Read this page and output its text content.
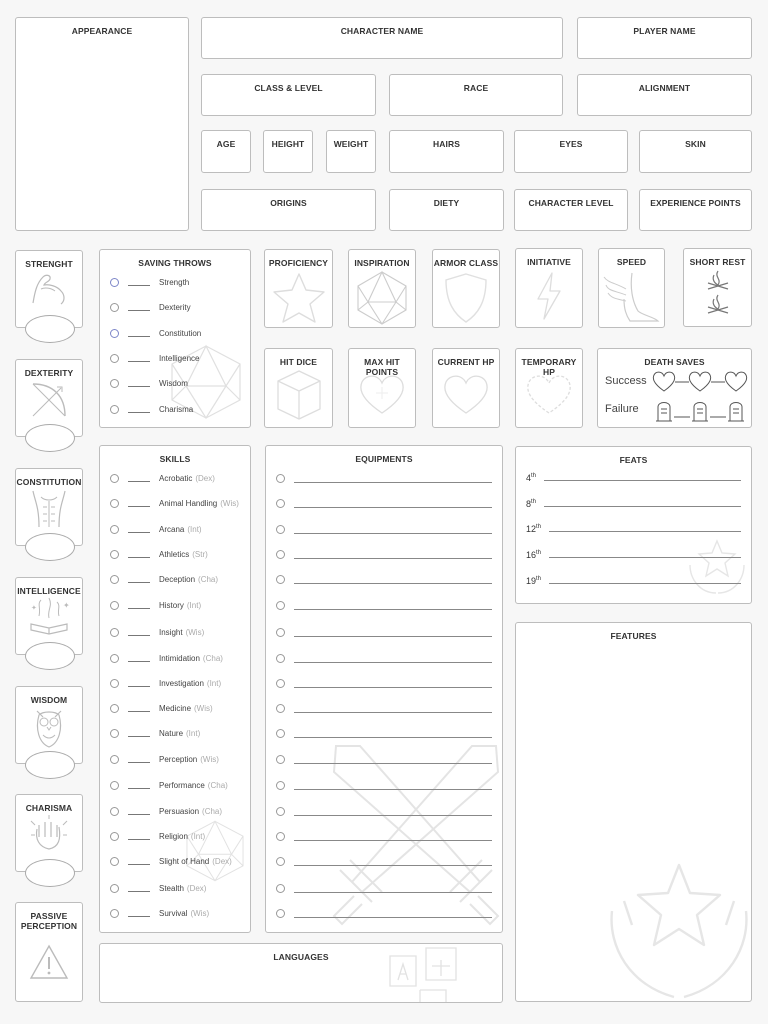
APPEARANCE	CHARACTER NAME	PLAYER NAME
CLASS & LEVEL	RACE	ALIGNMENT
AGE	HEIGHT	WEIGHT	HAIRS	EYES	SKIN
ORIGINS	DIETY	CHARACTER LEVEL	EXPERIENCE POINTS
STRENGHT
DEXTERITY
CONSTITUTION
INTELLIGENCE
✦
✦
WISDOM
CHARISMA
PASSIVE
PERCEPTION
SAVING THROWS
Strength
Dexterity
Constitution
Intelligence
Wisdom
Charisma
PROFICIENCY	INSPIRATION	ARMOR CLASS	INITIATIVE	SPEED	SHORT REST
HIT DICE	MAX HIT POINTS
CURRENT HP	TEMPORARY HP
DEATH SAVES
Success
Failure
SKILLS
Acrobatic (Dex)
Animal Handling (Wis)
Arcana (Int)
Athletics (Str)
Deception (Cha)
History (Int)
Insight (Wis)
Intimidation (Cha)
Investigation (Int)
Medicine (Wis)
Nature (Int)
Perception (Wis)
Performance (Cha)
Persuasion (Cha)
Religion (Int)
Slight of Hand (Dex)
Stealth (Dex)
Survival (Wis)
EQUIPMENTS	FEATS
4th
8th
12th
16th
19th
FEATURES
LANGUAGES
